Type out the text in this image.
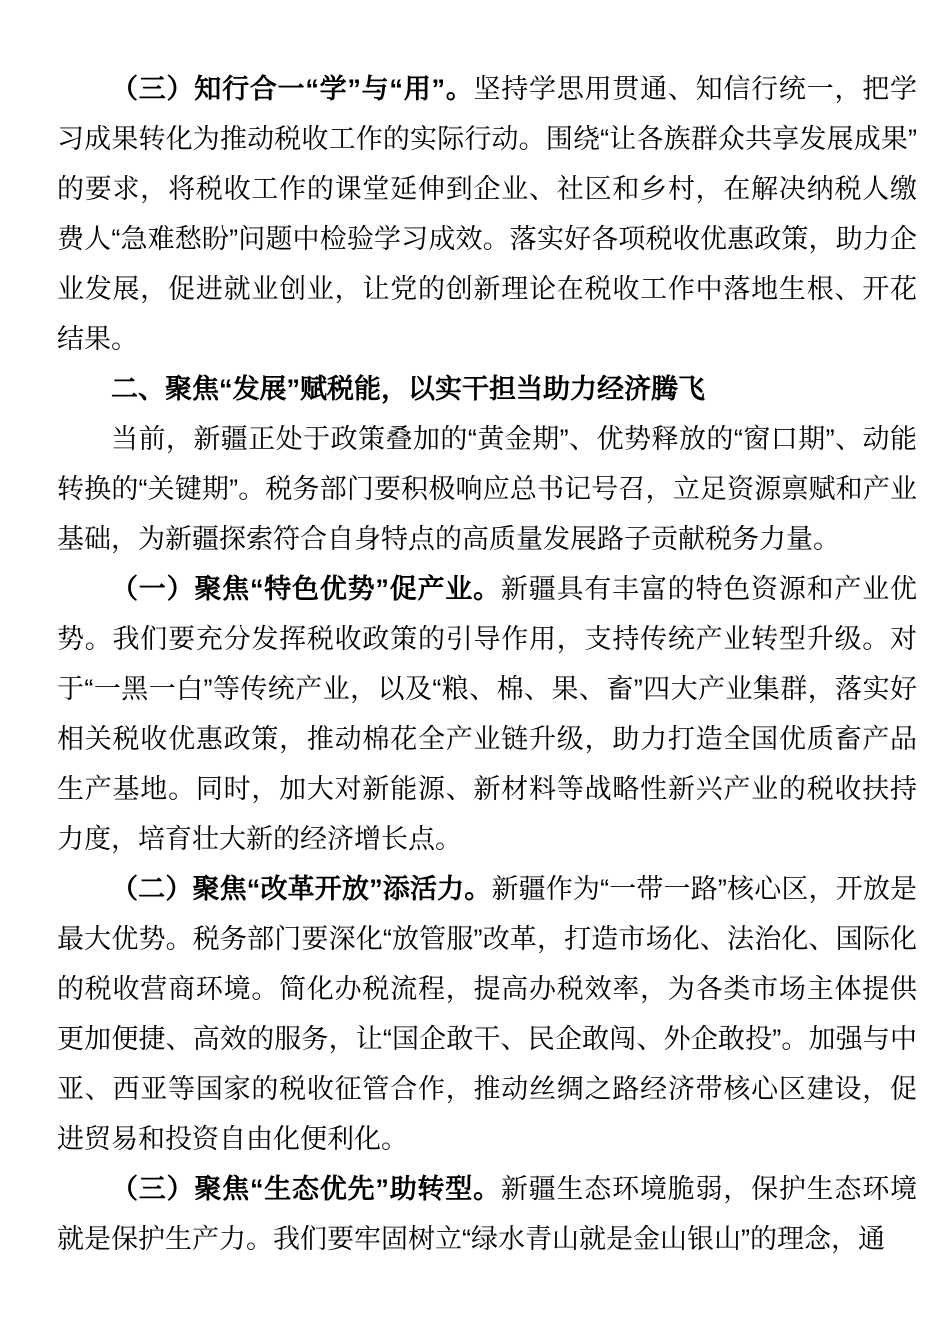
（三）知行合一“学”与“用”。坚持学思用贯通、知信行统一，把学习成果转化为推动税收工作的实际行动。围绕“让各族群众共享发展成果”的要求，将税收工作的课堂延伸到企业、社区和乡村，在解决纳税人缴费人“急难愁盼”问题中检验学习成效。落实好各项税收优惠政策，助力企业发展，促进就业创业，让党的创新理论在税收工作中落地生根、开花结果。

二、聚焦“发展”赋税能，以实干担当助力经济腾飞

当前，新疆正处于政策叠加的“黄金期”、优势释放的“窗口期”、动能转换的“关键期”。税务部门要积极响应总书记号召，立足资源禀赋和产业基础，为新疆探索符合自身特点的高质量发展路子贡献税务力量。

（一）聚焦“特色优势”促产业。新疆具有丰富的特色资源和产业优势。我们要充分发挥税收政策的引导作用，支持传统产业转型升级。对于“一黑一白”等传统产业，以及“粮、棉、果、畜”四大产业集群，落实好相关税收优惠政策，推动棉花全产业链升级，助力打造全国优质畜产品生产基地。同时，加大对新能源、新材料等战略性新兴产业的税收扶持力度，培育壮大新的经济增长点。

（二）聚焦“改革开放”添活力。新疆作为“一带一路”核心区，开放是最大优势。税务部门要深化“放管服”改革，打造市场化、法治化、国际化的税收营商环境。简化办税流程，提高办税效率，为各类市场主体提供更加便捷、高效的服务，让“国企敢干、民企敢闯、外企敢投”。加强与中亚、西亚等国家的税收征管合作，推动丝绸之路经济带核心区建设，促进贸易和投资自由化便利化。

（三）聚焦“生态优先”助转型。新疆生态环境脆弱，保护生态环境就是保护生产力。我们要牢固树立“绿水青山就是金山银山”的理念，通
